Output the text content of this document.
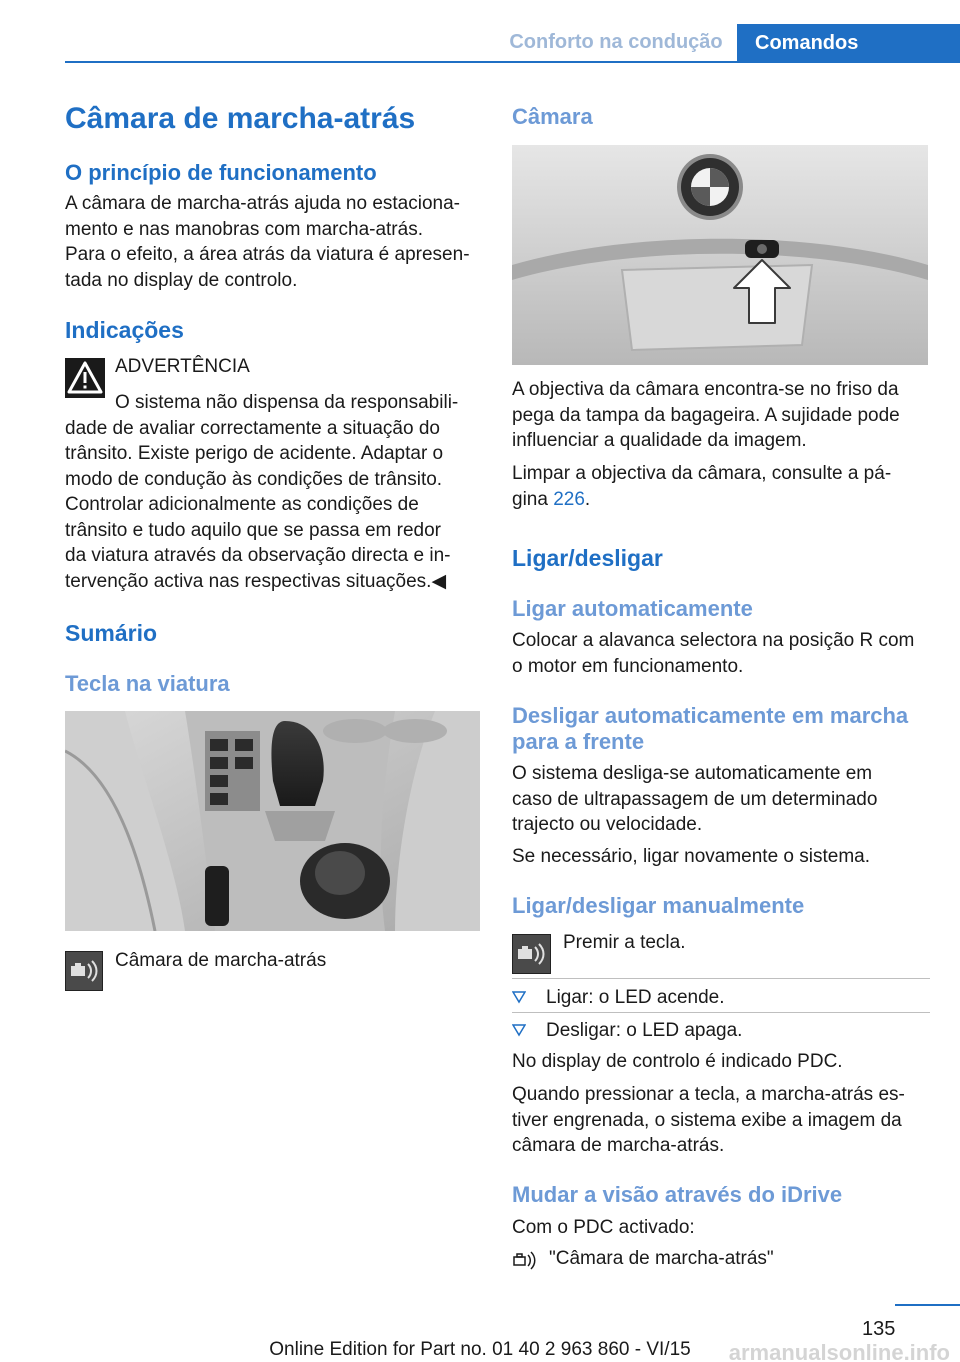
Conforto na condução	Comandos
Câmara de marcha-atrás
O princípio de funcionamento
A câmara de marcha-atrás ajuda no estaciona‐
mento e nas manobras com marcha-atrás.
Para o efeito, a área atrás da viatura é apresen‐
tada no display de controlo.
Indicações
ADVERTÊNCIA
O sistema não dispensa da responsabili‐
dade de avaliar correctamente a situação do
trânsito. Existe perigo de acidente. Adaptar o
modo de condução às condições de trânsito.
Controlar adicionalmente as condições de
trânsito e tudo aquilo que se passa em redor
da viatura através da observação directa e in‐
tervenção activa nas respectivas situações.◀
Sumário
Tecla na viatura
Câmara de marcha-atrás
Câmara
A objectiva da câmara encontra-se no friso da
pega da tampa da bagageira. A sujidade pode
influenciar a qualidade da imagem.
Limpar a objectiva da câmara, consulte a pá‐
gina 226.
Ligar/desligar
Ligar automaticamente
Colocar a alavanca selectora na posição R com
o motor em funcionamento.
Desligar automaticamente em marcha
para a frente
O sistema desliga-se automaticamente em
caso de ultrapassagem de um determinado
trajecto ou velocidade.
Se necessário, ligar novamente o sistema.
Ligar/desligar manualmente
Premir a tecla.
Ligar: o LED acende.
Desligar: o LED apaga.
No display de controlo é indicado PDC.
Quando pressionar a tecla, a marcha-atrás es‐
tiver engrenada, o sistema exibe a imagem da
câmara de marcha-atrás.
Mudar a visão através do iDrive
Com o PDC activado:
"Câmara de marcha-atrás"
135
Online Edition for Part no. 01 40 2 963 860 - VI/15	armanualsonline.info
